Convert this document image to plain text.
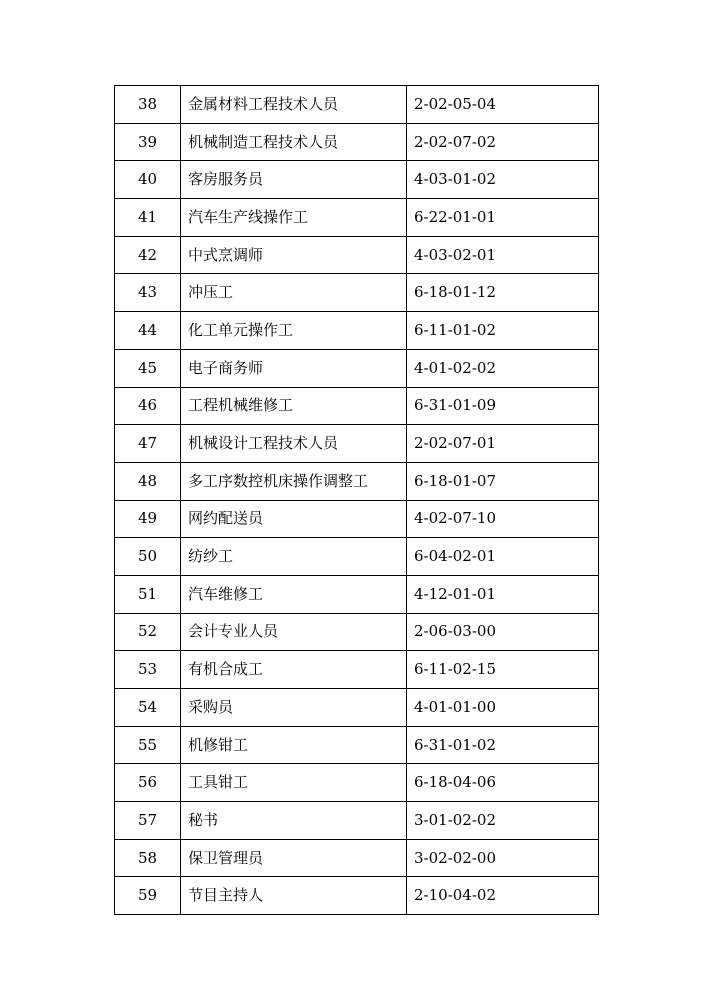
38	金属材料工程技术人员	2-02-05-04
39	机械制造工程技术人员	2-02-07-02
40	客房服务员	4-03-01-02
41	汽车生产线操作工	6-22-01-01
42	中式烹调师	4-03-02-01
43	冲压工	6-18-01-12
44	化工单元操作工	6-11-01-02
45	电子商务师	4-01-02-02
46	工程机械维修工	6-31-01-09
47	机械设计工程技术人员	2-02-07-01
48	多工序数控机床操作调整工	6-18-01-07
49	网约配送员	4-02-07-10
50	纺纱工	6-04-02-01
51	汽车维修工	4-12-01-01
52	会计专业人员	2-06-03-00
53	有机合成工	6-11-02-15
54	采购员	4-01-01-00
55	机修钳工	6-31-01-02
56	工具钳工	6-18-04-06
57	秘书	3-01-02-02
58	保卫管理员	3-02-02-00
59	节目主持人	2-10-04-02
